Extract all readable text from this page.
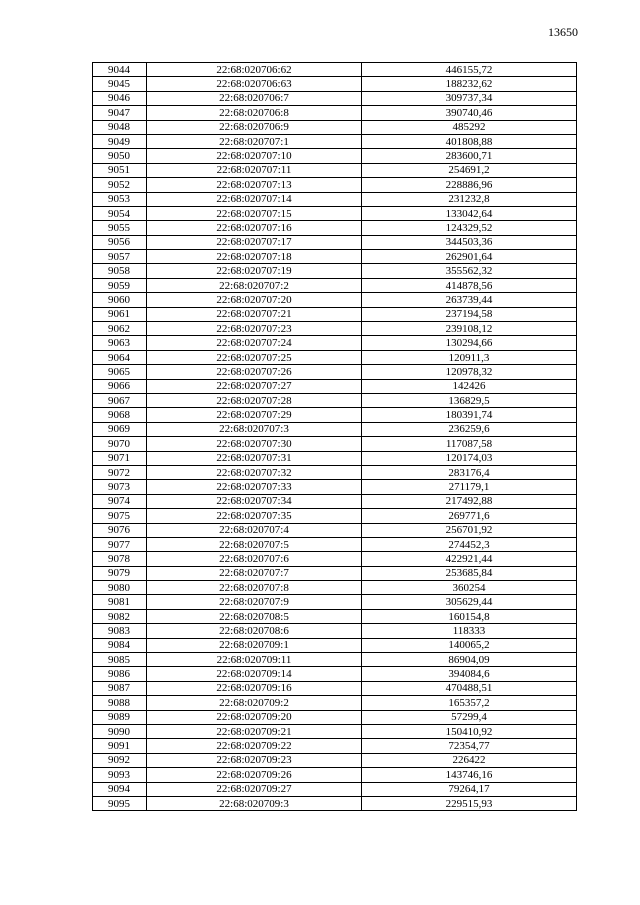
13650
9044	22:68:020706:62	446155,72
9045	22:68:020706:63	188232,62
9046	22:68:020706:7	309737,34
9047	22:68:020706:8	390740,46
9048	22:68:020706:9	485292
9049	22:68:020707:1	401808,88
9050	22:68:020707:10	283600,71
9051	22:68:020707:11	254691,2
9052	22:68:020707:13	228886,96
9053	22:68:020707:14	231232,8
9054	22:68:020707:15	133042,64
9055	22:68:020707:16	124329,52
9056	22:68:020707:17	344503,36
9057	22:68:020707:18	262901,64
9058	22:68:020707:19	355562,32
9059	22:68:020707:2	414878,56
9060	22:68:020707:20	263739,44
9061	22:68:020707:21	237194,58
9062	22:68:020707:23	239108,12
9063	22:68:020707:24	130294,66
9064	22:68:020707:25	120911,3
9065	22:68:020707:26	120978,32
9066	22:68:020707:27	142426
9067	22:68:020707:28	136829,5
9068	22:68:020707:29	180391,74
9069	22:68:020707:3	236259,6
9070	22:68:020707:30	117087,58
9071	22:68:020707:31	120174,03
9072	22:68:020707:32	283176,4
9073	22:68:020707:33	271179,1
9074	22:68:020707:34	217492,88
9075	22:68:020707:35	269771,6
9076	22:68:020707:4	256701,92
9077	22:68:020707:5	274452,3
9078	22:68:020707:6	422921,44
9079	22:68:020707:7	253685,84
9080	22:68:020707:8	360254
9081	22:68:020707:9	305629,44
9082	22:68:020708:5	160154,8
9083	22:68:020708:6	118333
9084	22:68:020709:1	140065,2
9085	22:68:020709:11	86904,09
9086	22:68:020709:14	394084,6
9087	22:68:020709:16	470488,51
9088	22:68:020709:2	165357,2
9089	22:68:020709:20	57299,4
9090	22:68:020709:21	150410,92
9091	22:68:020709:22	72354,77
9092	22:68:020709:23	226422
9093	22:68:020709:26	143746,16
9094	22:68:020709:27	79264,17
9095	22:68:020709:3	229515,93
